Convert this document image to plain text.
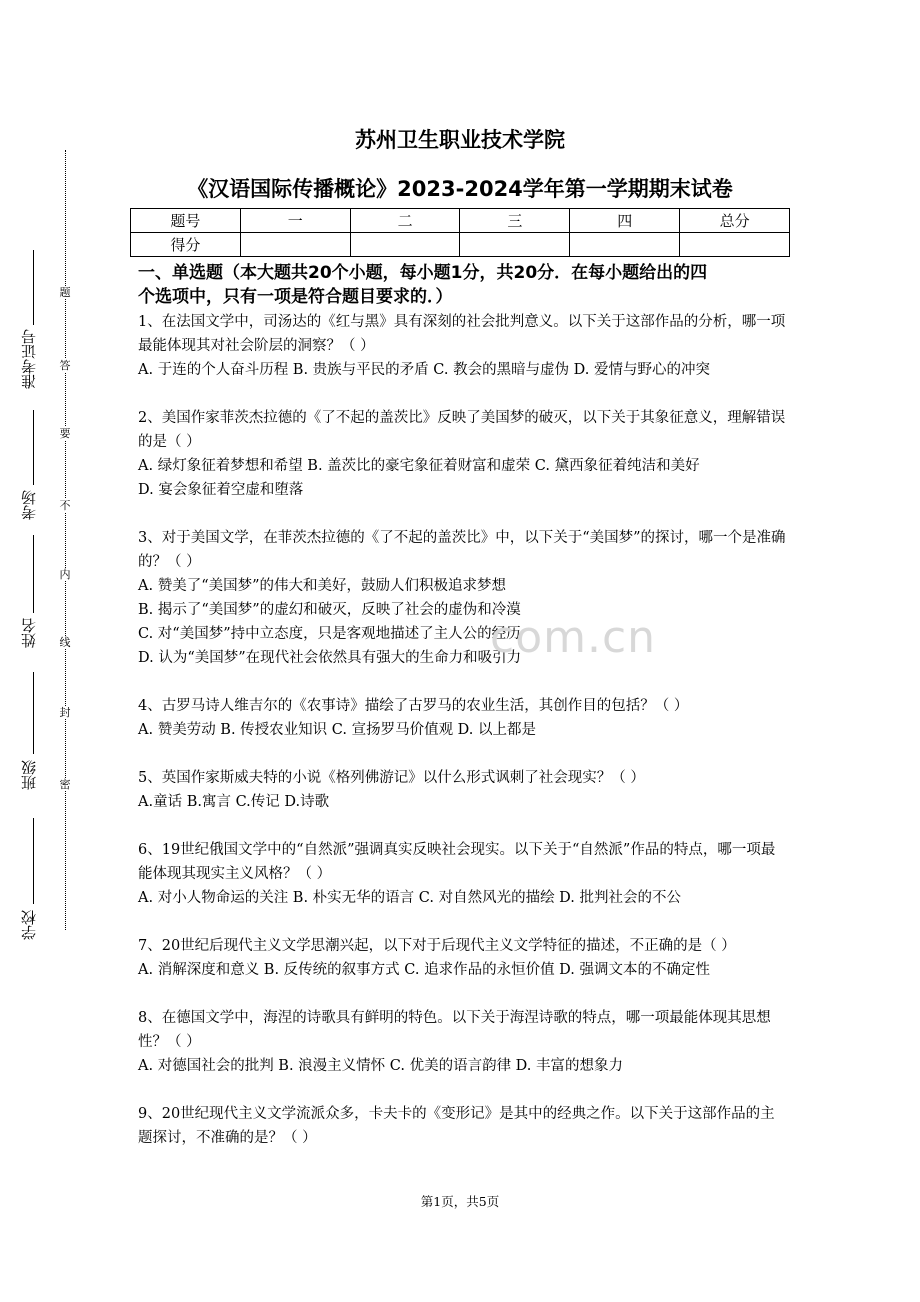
题
答
要
不
内
线
封
密
准考证号
考场
姓名
班级
学校
苏州卫生职业技术学院
《汉语国际传播概论》2023-2024学年第一学期期末试卷
题号	一	二	三	四	总分
得分					
一、单选题（本大题共20个小题，每小题1分，共20分．在每小题给出的四
个选项中，只有一项是符合题目要求的．）

1、在法国文学中，司汤达的《红与黑》具有深刻的社会批判意义。以下关于这部作品的分析，哪一项最能体现其对社会阶层的洞察？（ ）

A. 于连的个人奋斗历程 B. 贵族与平民的矛盾 C. 教会的黑暗与虚伪 D. 爱情与野心的冲突

2、美国作家菲茨杰拉德的《了不起的盖茨比》反映了美国梦的破灭，以下关于其象征意义，理解错误的是（ ）

A. 绿灯象征着梦想和希望 B. 盖茨比的豪宅象征着财富和虚荣 C. 黛西象征着纯洁和美好

D. 宴会象征着空虚和堕落

3、对于美国文学，在菲茨杰拉德的《了不起的盖茨比》中，以下关于“美国梦”的探讨，哪一个是准确的？（ ）

A. 赞美了“美国梦”的伟大和美好，鼓励人们积极追求梦想

B. 揭示了“美国梦”的虚幻和破灭，反映了社会的虚伪和冷漠

C. 对“美国梦”持中立态度，只是客观地描述了主人公的经历

D. 认为“美国梦”在现代社会依然具有强大的生命力和吸引力

4、古罗马诗人维吉尔的《农事诗》描绘了古罗马的农业生活，其创作目的包括？（ ）

A. 赞美劳动 B. 传授农业知识 C. 宣扬罗马价值观 D. 以上都是

5、英国作家斯威夫特的小说《格列佛游记》以什么形式讽刺了社会现实？（ ）

A.童话 B.寓言 C.传记 D.诗歌

6、19世纪俄国文学中的“自然派”强调真实反映社会现实。以下关于“自然派”作品的特点，哪一项最能体现其现实主义风格？（ ）

A. 对小人物命运的关注 B. 朴实无华的语言 C. 对自然风光的描绘 D. 批判社会的不公

7、20世纪后现代主义文学思潮兴起，以下对于后现代主义文学特征的描述，不正确的是（ ）

A. 消解深度和意义 B. 反传统的叙事方式 C. 追求作品的永恒价值 D. 强调文本的不确定性

8、在德国文学中，海涅的诗歌具有鲜明的特色。以下关于海涅诗歌的特点，哪一项最能体现其思想性？（ ）

A. 对德国社会的批判 B. 浪漫主义情怀 C. 优美的语言韵律 D. 丰富的想象力

9、20世纪现代主义文学流派众多，卡夫卡的《变形记》是其中的经典之作。以下关于这部作品的主题探讨，不准确的是？（ ）

com.cn
第1页，共5页
